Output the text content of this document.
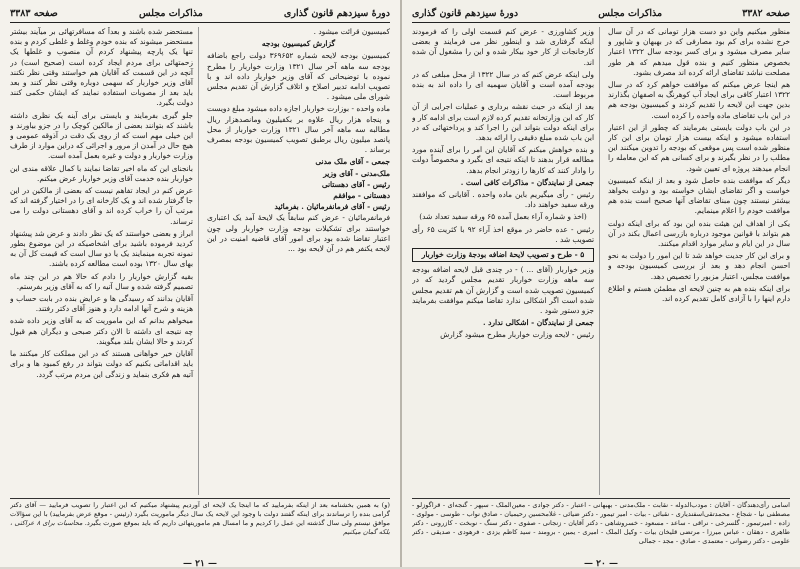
دورهٔ سیزدهم قانون گذاری
مذاکرات مجلس
صفحه ۳۳۸۳

کمیسیون قرائت میشود .

گزارش کمیسیون بودجه

کمیسیون بودجه لایحه شماره ۳۶۹۶۵۲ دولت راجع باضافه بودجه سه ماهه آخر سال ۱۳۲۱ وزارت خواربار را مطرح نموده با توضیحاتی که آقای وزیر خواربار داده اند و با تصویب ادامه تدبیر اصلاح و اتلاف گزارش آن تقدیم مجلس شورای ملی میشود .

ماده واحده - بوزارت خواربار اجازه داده میشود مبلغ دویست و پنجاه هزار ریال علاوه بر بکفیلیون ومانصدهزار ریال مطالبه سه ماهه آخر سال ۱۳۲۱ وزارت خواربار از محل پانصد میلیون ریال برطبق تصویب کمیسیون بودجه بمصرف برساند .

جمعی - آقای ملک مدنی

ملک‌مدنی - آقای وزیر

رئیس - آقای دهستانی

دهستانی - موافقم

رئیس - آقای فرمانفرمائیان . بفرمائید

فرمانفرمائیان - عرض کنم سابقاً یک لایحهٔ آمد یک اعتباری خواستند برای تشکیلات بودجه وزارت خواربار ولی چون اعتبار تقاضا شده بود برای امور آقای قاضیه امنیت در این لایحه یکنفر هم در آن لایحه بود ...

مستحضر شده باشند و بعداً که مسافرتهائی بر میآیند بیشتر مستحضر میشوند که بنده خودم وغلط و غلطی کردم و بنده تنها یک پارچه پیشنهاد کردم آن منصوب و غلطها یک زحمتهائی برای مردم ایجاد کرده است (صحیح است) در آنچه در این قسمت که آقایان هم خواستند وقتی نظر نکنند آقای وزیر خواربار که سهمی دوباره وقتی نظر کنند و بعد باید بعد از مصوبات استفاده نمایند که ایشان حکمی کنند دولت بگیرد.

جلو گیری بفرمایند و بایستی برای آینه یک نظری داشته باشند که بتوانند بعضی از مالکین کوچک را در جزو بیاورند و این خیلی مهم است که از روی یک دقت در آذوقه عمومی و هیچ حال در آمدن از مرور و اجرائی که دراین موارد از طرف وزارت خواربار و دولت و غیره بعمل آمده است.

بانجنای این که ماه اخیر تقاضا نمایند با کمال علاقه مندی این خواربار بنده خدمت آقای وزیر خواربار عرض میکنم.

عرض کنم در ایجاد تفاهم نیست که بعضی از مالکین در این جا گرفتار شده اند و یک کارخانه ای را در اختیار گرفته اند که مرتب آن را خراب کرده اند و آقای دهستانی دولت را می ترساند.

ابراز و بعضی خواستند که یک نظر دادند و عرض شد پیشنهاد کردید فرموده باشید برای اشخاصیکه در این موضوع بطور نمونه تجربه مینمایند یک یا دو سال است که قیمت کل آن به بهای سال ۱۳۲۰ بوده است مطالعه کرده باشند.

بقیه گزارش خواربار را دادم که حالا هم در این چند ماه تصمیم گرفته شده و سال آتیه را که به آقای وزیر بفرستم.

آقایان بدانند که رسیدگی ها و عرایض بنده در بابت حساب و هزینه و شرح آنها ادامه دارد و هنوز آقای دکتر رفتند.

میخواهم بدانم که این ماموریت که به آقای وزیر داده شده چه نتیجه ای داشته تا الان دکتر صبحی و دیگران هم قبول کردند و حالا ایشان بلند میگویند.

آقایان خیر خواهانی هستند که در این مملکت کار میکنند ما باید اقداماتی بکنیم که دولت بتواند در رفع کمبود ها و برای آتیه هم فکری بنماید و زندگی این مردم مرتب گردد.

(و) به همین بخشنامه بعد از اینکه بفرمایید که ما اینجا یک لایحه ای آوردیم پیشنهاد میکنیم که این اعتبار را تصویب فرمایید — آقای دکتر گرامی بنده را ترساندند برای اینکه گفتند دولت با وجود این لایحه یک سال دیگر ماموریت بگیرد (رئیس - موقع عرض بفرمایید) با این سؤالات موافق نیستم ولی سال گذشته این عمل را کردیم و ما امسال هم ماموریتهائی داریم که باید بموقع صورت بگیرد. محاسبات برای ۸ عراکتی ، بلکه گمان میکنیم
— ۲۱ —
صفحه ۳۳۸۲
مذاکرات مجلس
دورهٔ سیزدهم قانون گذاری

منظور میکنیم واین دو دست هزار تومانی که در آن سال خرج نشده برای کم بود مصارفی که در بهبهان و شاپور و سایر مصرف میشود و برای کسر بودجه سال ۱۳۲۲ اعتبار بخصوص منظور کنیم و بنده قول میدهم که هر طور مصلحت نباشد تقاضای ارائه کرده اند مصرف بشود.

هم اینجا عرض میکنم که موافقت خواهم کرد که در سال ۱۳۲۲ اعتبار کافی برای ایجاد آب کوهرنگ به اصفهان بگذارند بدین جهت این لایحه را تقدیم کردند و کمیسیون بودجه هم در این باب تقاضای ماده واحده را کرده است.

در این باب دولت بایستی بفرمایند که چطور از این اعتبار استفاده میشود و اینکه بیست هزار تومان برای این کار منظور شده است پس موقعی که بودجه را تدوین میکنند این مطلب را در نظر بگیرند و برای کسانی هم که این معامله را انجام میدهند پروژه ای تعیین شود.

دیگر که موافقت بنده حاصل شود و بعد از اینکه کمیسیون خواست و اگر تقاضای ایشان خواسته بود و دولت بخواهد بیشتر نیستند چون مبنای تقاضای آنها صحیح است بنده هم موافقت خودم را اعلام مینمایم.

یکی از اهداف این هیئت بنده این بود که برای اینکه دولت هم بتواند با قوانین موجود درباره بازرسی اعمال بکند در آن سال در این ایام و سایر موارد اقدام میکنند.

و برای این کار جدیت خواهد شد تا این امور را دولت به نحو احسن انجام دهد و بعد از بررسی کمیسیون بودجه و موافقت مجلس، اعتبار مزبور را تخصیص دهد.

برای اینکه بنده هم به چنین لایحه ای مطمئن هستم و اطلاع دارم اینها را با آزادی کامل تقدیم کرده اند.

وزیر کشاورزی - عرض کنم قسمت اولی را که فرمودند اینکه گرفتاری شد و اینطور نظر می فرمایند و بعضی کارخانجات از کار خود بیکار شده و این را مشغول آن شده اند.

ولی اینکه عرض کنم که در سال ۱۳۲۲ از محل مبلغی که در بودجه آمده است و آقایان سهمیه ای را داده اند به بنده مربوط است.

بعد از اینکه در حیث نقشه برداری و عملیات اجرایی از آن کار که این وزارتخانه تقدیم کرده لازم است برای ادامه کار و برای اینکه دولت بتواند این را اجرا کند و پرداختهائی که در این باب شده مبلغ دقیقی را ارائه بدهد.

و بنده خواهش میکنم که آقایان این امر را برای آینده مورد مطالعه قرار بدهند تا اینکه نتیجه ای بگیرد و مخصوصاً دولت را وادار کنند که کارها را زودتر انجام بدهد.

جمعی از نمایندگان - مذاکرات کافی است .

رئیس - رأی میگیریم باین ماده واحده . آقایانی که موافقند ورقه سفید خواهند داد.

(اخذ و شماره آراء بعمل آمده ۶۵ ورقه سفید تعداد شد)

رئیس - عده حاضر در موقع اخذ آراء ۹۲ با کثریت ۶۵ رأی تصویب شد .

۵ - طرح و تصویب لایحهٔ اضافه بودجهٔ وزارت خواربار

وزیر خواربار (آقای ... ) - در چندی قبل لایحه اضافه بودجه سه ماهه وزارت خواربار تقدیم مجلس گردید که در کمیسیون تصویب شده است و گزارش آن هم تقدیم مجلس شده است اگر اشکالی ندارد تقاضا میکنم موافقت بفرمایند جزو دستور شود .

جمعی از نمایندگان - اشکالی ندارد .

رئیس - لایحه وزارت خواربار مطرح میشود گزارش

اسامی رأی‌دهندگان - آقایان : مودب‌الدوله - نقابت - ملک‌مدنی - بهبهانی - اعتبار - دکتر جوادی - معین‌الملک - سپهر - گنجه‌ای - قراگوزلو - مصطفی نیا - شجاع - محمدتقی‌اسفندیاری - نقبائی - بیات - امیر تیمور - دکتر ضیائی - غلامحسین رحیمیان - صادق نواب - طوسی - مولوی - زاده - امیرتیمور - گلسرخی - نراقی - ساعد - مسعود - خسروشاهی - دکتر آقایان - زنجانی - صفوی - دکتر سنگ - نوبخت - کازرونی - دکتر طاهری - دهقان - عباس میرزا - مرتضی قلیخان بیات - وکیل الملک - امیری - یمین - برومند - سید کاظم یزدی - فرهودی - صدیقی - دکتر علومی - دکتر رضوانی - معتمدی - صادق - مجد - جمالی
— ۲۰ —
